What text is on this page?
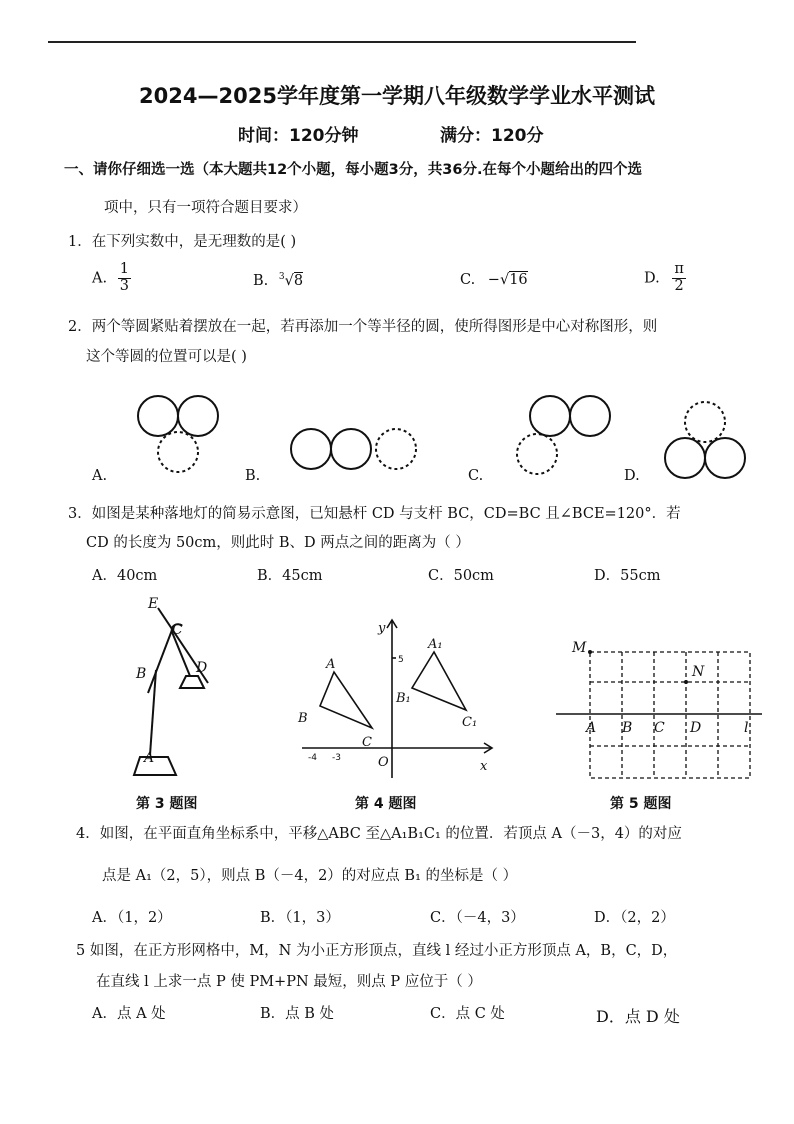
2024—2025学年度第一学期八年级数学学业水平测试
时间：120分钟	满分：120分
一、请你仔细选一选（本大题共12个小题，每小题3分，共36分.在每个小题给出的四个选
项中，只有一项符合题目要求）
1．在下列实数中，是无理数的是( )
A. $\frac{1}{3}$	B. $^3$√8	C. −√16	D. $\frac{\pi}{2}$
2．两个等圆紧贴着摆放在一起，若再添加一个等半径的圆，使所得图形是中心对称图形，则
这个等圆的位置可以是( )
A.	B.	C.	D.
3．如图是某种落地灯的简易示意图，已知悬杆 CD 与支杆 BC，CD=BC 且∠BCE=120°．若
CD 的长度为 50cm，则此时 B、D 两点之间的距离为（ ）
A．40cm	B．45cm	C．50cm	D．55cm
E
C
B	D
A
y
x
O
A
B
C
A₁
B₁
C₁
5
-4 -3
M
N
A B C D	l
第 3 题图	第 4 题图	第 5 题图
4．如图，在平面直角坐标系中，平移△ABC 至△A₁B₁C₁ 的位置．若顶点 A（－3，4）的对应
点是 A₁（2，5），则点 B（－4，2）的对应点 B₁ 的坐标是（ ）
A．（1，2）	B．（1，3）	C．（－4，3）	D．（2，2）
5 如图，在正方形网格中，M，N 为小正方形顶点，直线 l 经过小正方形顶点 A，B，C，D，
在直线 l 上求一点 P 使 PM+PN 最短，则点 P 应位于（ ）
A．点 A 处	B．点 B 处	C．点 C 处	D．点 D 处
